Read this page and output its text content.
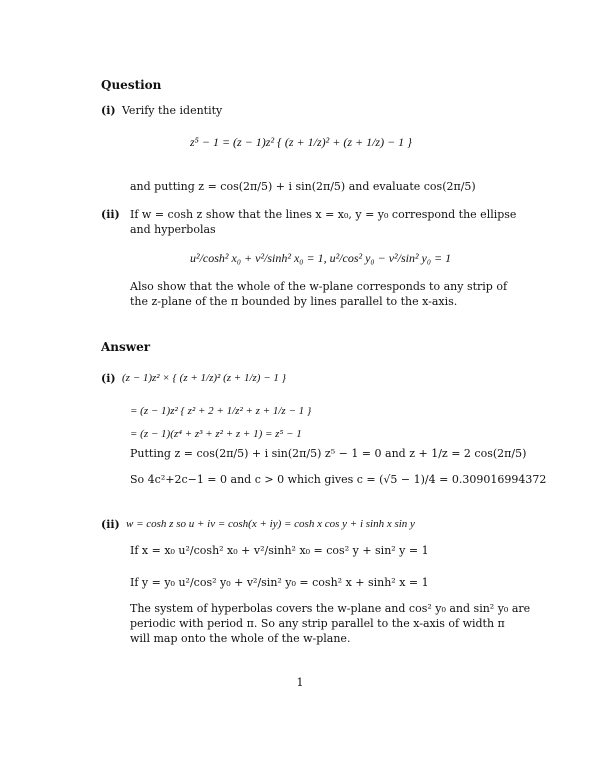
Question
(i) Verify the identity
z⁵ − 1 = (z − 1)z² { (z + 1/z)² + (z + 1/z) − 1 }
and putting z = cos(2π/5) + i sin(2π/5) and evaluate cos(2π/5)
(ii) If w = cosh z show that the lines x = x₀, y = y₀ correspond the ellipse
and hyperbolas
u²/cosh² x₀ + v²/sinh² x₀ = 1, u²/cos² y₀ − v²/sin² y₀ = 1
Also show that the whole of the w-plane corresponds to any strip of
the z-plane of the π bounded by lines parallel to the x-axis.
Answer
(i) (z − 1)z² × { (z + 1/z)² (z + 1/z) − 1 }
= (z − 1)z² { z² + 2 + 1/z² + z + 1/z − 1 }
= (z − 1)(z⁴ + z³ + z² + z + 1) = z⁵ − 1
Putting z = cos(2π/5) + i sin(2π/5) z⁵ − 1 = 0 and z + 1/z = 2 cos(2π/5)
So 4c²+2c−1 = 0 and c > 0 which gives c = (√5 − 1)/4 = 0.309016994372
(ii) w = cosh z so u + iv = cosh(x + iy) = cosh x cos y + i sinh x sin y
If x = x₀ u²/cosh² x₀ + v²/sinh² x₀ = cos² y + sin² y = 1
If y = y₀ u²/cos² y₀ + v²/sin² y₀ = cosh² x + sinh² x = 1
The system of hyperbolas covers the w-plane and cos² y₀ and sin² y₀ are
periodic with period π. So any strip parallel to the x-axis of width π
will map onto the whole of the w-plane.
1
